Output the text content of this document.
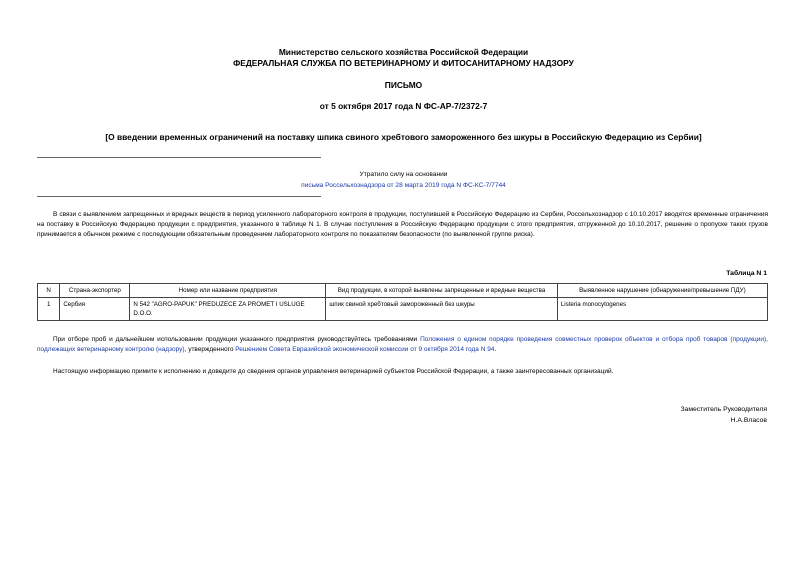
Министерство сельского хозяйства Российской Федерации
ФЕДЕРАЛЬНАЯ СЛУЖБА ПО ВЕТЕРИНАРНОМУ И ФИТОСАНИТАРНОМУ НАДЗОРУ
ПИСЬМО
от 5 октября 2017 года N ФС-АР-7/2372-7
[О введении временных ограничений на поставку шпика свиного хребтового замороженного без шкуры в Российскую Федерацию из Сербии]
Утратило силу на основании
письма Россельхознадзора от 28 марта 2019 года N ФС-КС-7/7744
В связи с выявлением запрещенных и вредных веществ в период усиленного лабораторного контроля в продукции, поступившей в Российскую Федерацию из Сербии, Россельхознадзор с 10.10.2017 вводятся временные ограничения на поставку в Российскую Федерацию продукции с предприятия, указанного в таблице N 1. В случае поступления в Российскую Федерацию продукции с этого предприятия, отгруженной до 10.10.2017, решение о пропуске таких грузов принимается в обычном режиме с последующим обязательным проведением лабораторного контроля по показателям безопасности (по выявленной группе риска).
Таблица N 1
N	Страна-экспортер	Номер или название предприятия	Вид продукции, в которой выявлены запрещенные и вредные вещества	Выявленное нарушение (обнаружение/превышение ПДУ)
1	Сербия	N 542 "AGRO-PAPUK" PREDUZECE ZA PROMET I USLUGE D.O.O.	шпик свиной хребтовый замороженный без шкуры	Listeria monocytogenes
При отборе проб и дальнейшем использовании продукции указанного предприятия руководствуйтесь требованиями Положения о едином порядке проведения совместных проверок объектов и отбора проб товаров (продукции), подлежащих ветеринарному контролю (надзору), утвержденного Решением Совета Евразийской экономической комиссии от 9 октября 2014 года N 94.
Настоящую информацию примите к исполнению и доведите до сведения органов управления ветеринарией субъектов Российской Федерации, а также заинтересованных организаций.
Заместитель Руководителя
Н.А.Власов
